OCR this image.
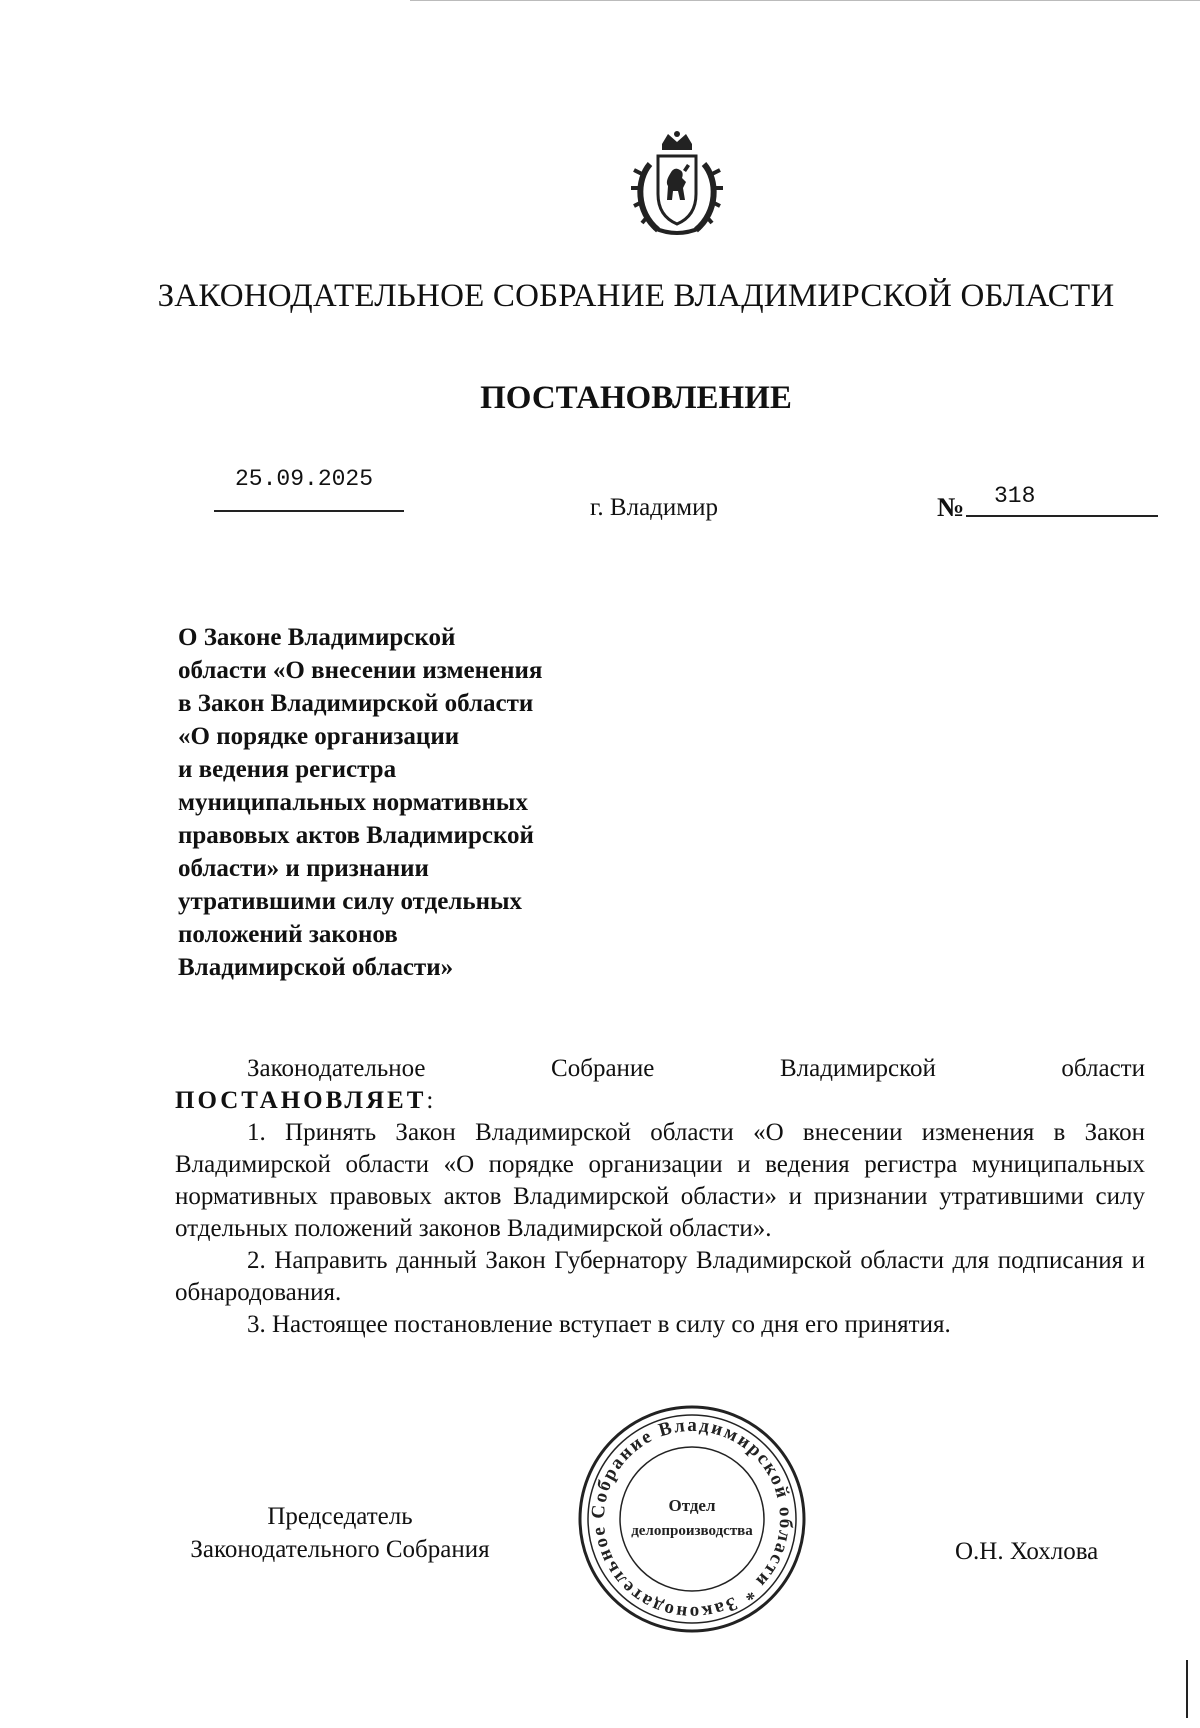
ЗАКОНОДАТЕЛЬНОЕ СОБРАНИЕ ВЛАДИМИРСКОЙ ОБЛАСТИ
ПОСТАНОВЛЕНИЕ
25.09.2025
г. Владимир	№ 318
О Законе Владимирской
области «О внесении изменения
в Закон Владимирской области
«О порядке организации
и ведения регистра
муниципальных нормативных
правовых актов Владимирской
области» и признании
утратившими силу отдельных
положений законов
Владимирской области»

Законодательное Собрание Владимирской области

ПОСТАНОВЛЯЕТ:

1. Принять Закон Владимирской области «О внесении изменения в Закон Владимирской области «О порядке организации и ведения регистра муниципальных нормативных правовых актов Владимирской области» и признании утратившими силу отдельных положений законов Владимирской области».

2. Направить данный Закон Губернатору Владимирской области для подписания и обнародования.

3. Настоящее постановление вступает в силу со дня его принятия.

Председатель
Законодательного Собрания
Собрание Владимирской области * Законодательное
Отдел
делопроизводства
О.Н. Хохлова
